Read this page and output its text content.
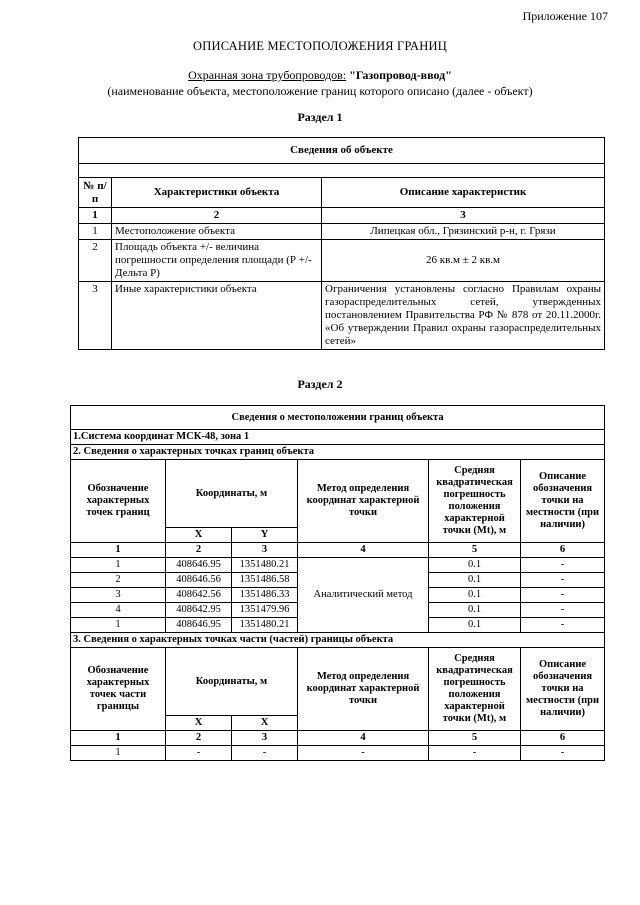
Приложение 107
ОПИСАНИЕ МЕСТОПОЛОЖЕНИЯ ГРАНИЦ
Охранная зона трубопроводов: "Газопровод-ввод"
(наименование объекта, местоположение границ которого описано (далее - объект)
Раздел 1
Сведения об объекте		

№ п/п	Характеристики объекта	Описание характеристик
1	2	3
1	Местоположение объекта	Липецкая обл., Грязинский р-н, г. Грязи
2	Площадь объекта +/- величина погрешности определения площади (Р +/- Дельта Р)	26 кв.м ± 2 кв.м
3	Иные характеристики объекта	Ограничения установлены согласно Правилам охраны газораспределительных сетей, утвержденных постановлением Правительства РФ № 878 от 20.11.2000г. «Об утверждении Правил охраны газораспределительных сетей»
Раздел 2
Сведения о местоположении границ объекта					
1.Система координат МСК-48, зона 1					
2. Сведения о характерных точках границ объекта					
Обозначение характерных точек границ	Координаты, м		Метод определения координат характерной точки	Средняя квадратическая погрешность положения характерной точки (Mt), м	Описание обозначения точки на местности (при наличии)
	X	Y			
1	2	3	4	5	6
1	408646.95	1351480.21	Аналитический метод	0.1	-
2	408646.56	1351486.58		0.1	-
3	408642.56	1351486.33		0.1	-
4	408642.95	1351479.96		0.1	-
1	408646.95	1351480.21		0.1	-
3. Сведения о характерных точках части (частей) границы объекта					
Обозначение характерных точек части границы	Координаты, м		Метод определения координат характерной точки	Средняя квадратическая погрешность положения характерной точки (Mt), м	Описание обозначения точки на местности (при наличии)
	X	X			
1	2	3	4	5	6
1	-	-	-	-	-
